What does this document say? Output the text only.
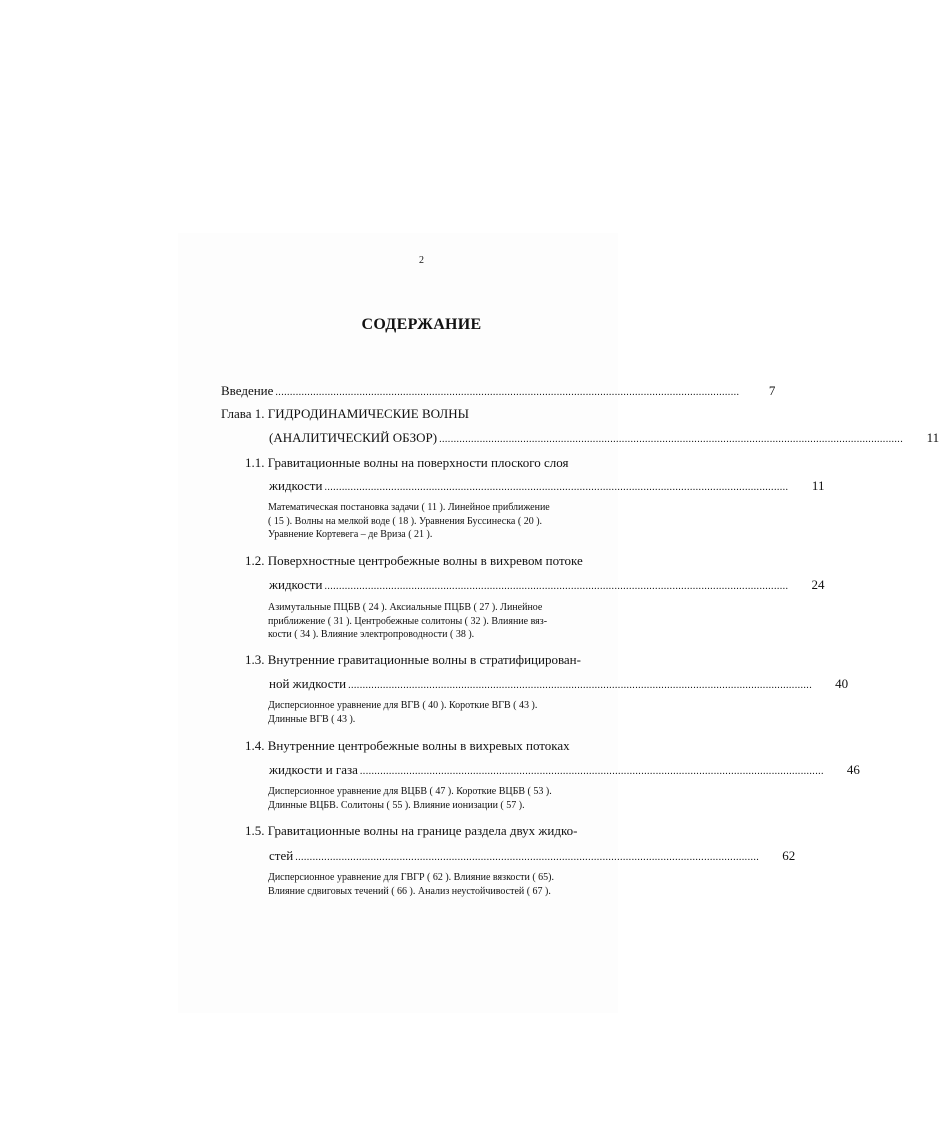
2
СОДЕРЖАНИЕ
Введение ................................................................................................................................................................	7
Глава 1. ГИДРОДИНАМИЧЕСКИЕ ВОЛНЫ
(АНАЛИТИЧЕСКИЙ ОБЗОР) ................................................................................................................................................................	11
1.1. Гравитационные волны на поверхности плоского слоя
жидкости ................................................................................................................................................................	11
Математическая постановка задачи ( 11 ). Линейное приближение
( 15 ). Волны на мелкой воде ( 18 ). Уравнения Буссинеска ( 20 ).
Уравнение Кортевега – де Вриза ( 21 ).
1.2. Поверхностные центробежные волны в вихревом потоке
жидкости ................................................................................................................................................................	24
Азимутальные ПЦБВ ( 24 ). Аксиальные ПЦБВ ( 27 ). Линейное
приближение ( 31 ). Центробежные солитоны ( 32 ). Влияние вяз-
кости ( 34 ). Влияние электропроводности ( 38 ).
1.3. Внутренние гравитационные волны в стратифицирован-
ной жидкости ................................................................................................................................................................	40
Дисперсионное уравнение для ВГВ ( 40 ). Короткие ВГВ ( 43 ).
Длинные ВГВ ( 43 ).
1.4. Внутренние центробежные волны в вихревых потоках
жидкости и газа ................................................................................................................................................................	46
Дисперсионное уравнение для ВЦБВ ( 47 ). Короткие ВЦБВ ( 53 ).
Длинные ВЦБВ. Солитоны ( 55 ). Влияние ионизации ( 57 ).
1.5. Гравитационные волны на границе раздела двух жидко-
стей ................................................................................................................................................................	62
Дисперсионное уравнение для ГВГР ( 62 ). Влияние вязкости ( 65).
Влияние сдвиговых течений ( 66 ). Анализ неустойчивостей ( 67 ).
